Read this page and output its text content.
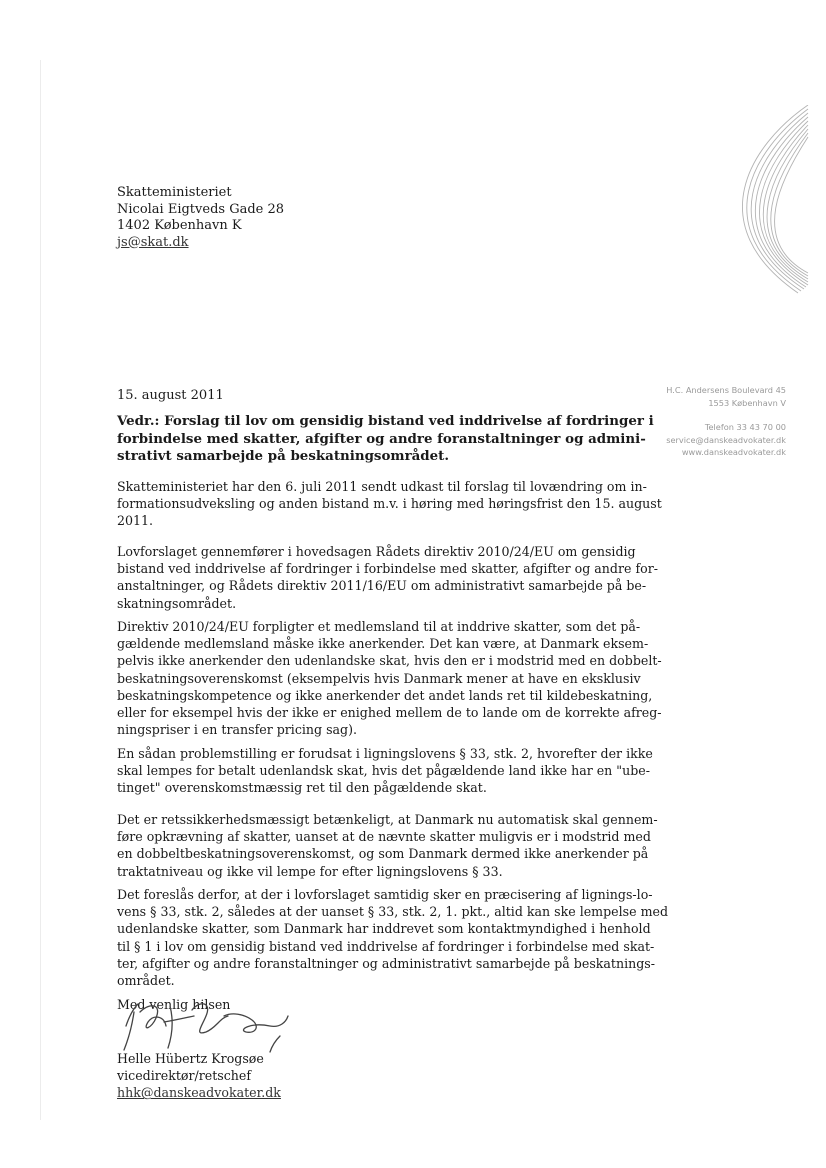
Skatteministeriet
Nicolai Eigtveds Gade 28
1402 København K
js@skat.dk
15. august 2011	H.C. Andersens Boulevard 45
1553 København V
Telefon 33 43 70 00
service@danskeadvokater.dk
www.danskeadvokater.dk
Vedr.: Forslag til lov om gensidig bistand ved inddrivelse af fordringer i
forbindelse med skatter, afgifter og andre foranstaltninger og admini-
strativt samarbejde på beskatningsområdet.
Skatteministeriet har den 6. juli 2011 sendt udkast til forslag til lovændring om in-
formationsudveksling og anden bistand m.v. i høring med høringsfrist den 15. august
2011.
Lovforslaget gennemfører i hovedsagen Rådets direktiv 2010/24/EU om gensidig
bistand ved inddrivelse af fordringer i forbindelse med skatter, afgifter og andre for-
anstaltninger, og Rådets direktiv 2011/16/EU om administrativt samarbejde på be-
skatningsområdet.
Direktiv 2010/24/EU forpligter et medlemsland til at inddrive skatter, som det på-
gældende medlemsland måske ikke anerkender. Det kan være, at Danmark eksem-
pelvis ikke anerkender den udenlandske skat, hvis den er i modstrid med en dobbelt-
beskatningsoverenskomst (eksempelvis hvis Danmark mener at have en eksklusiv
beskatningskompetence og ikke anerkender det andet lands ret til kildebeskatning,
eller for eksempel hvis der ikke er enighed mellem de to lande om de korrekte afreg-
ningspriser i en transfer pricing sag).
En sådan problemstilling er forudsat i ligningslovens § 33, stk. 2, hvorefter der ikke
skal lempes for betalt udenlandsk skat, hvis det pågældende land ikke har en "ube-
tinget" overenskomstmæssig ret til den pågældende skat.
Det er retssikkerhedsmæssigt betænkeligt, at Danmark nu automatisk skal gennem-
føre opkrævning af skatter, uanset at de nævnte skatter muligvis er i modstrid med
en dobbeltbeskatningsoverenskomst, og som Danmark dermed ikke anerkender på
traktatniveau og ikke vil lempe for efter ligningslovens § 33.
Det foreslås derfor, at der i lovforslaget samtidig sker en præcisering af lignings-lo-
vens § 33, stk. 2, således at der uanset § 33, stk. 2, 1. pkt., altid kan ske lempelse med
udenlandske skatter, som Danmark har inddrevet som kontaktmyndighed i henhold
til § 1 i lov om gensidig bistand ved inddrivelse af fordringer i forbindelse med skat-
ter, afgifter og andre foranstaltninger og administrativt samarbejde på beskatnings-
området.
Med venlig hilsen
Helle Hübertz Krogsøe
vicedirektør/retschef
hhk@danskeadvokater.dk
